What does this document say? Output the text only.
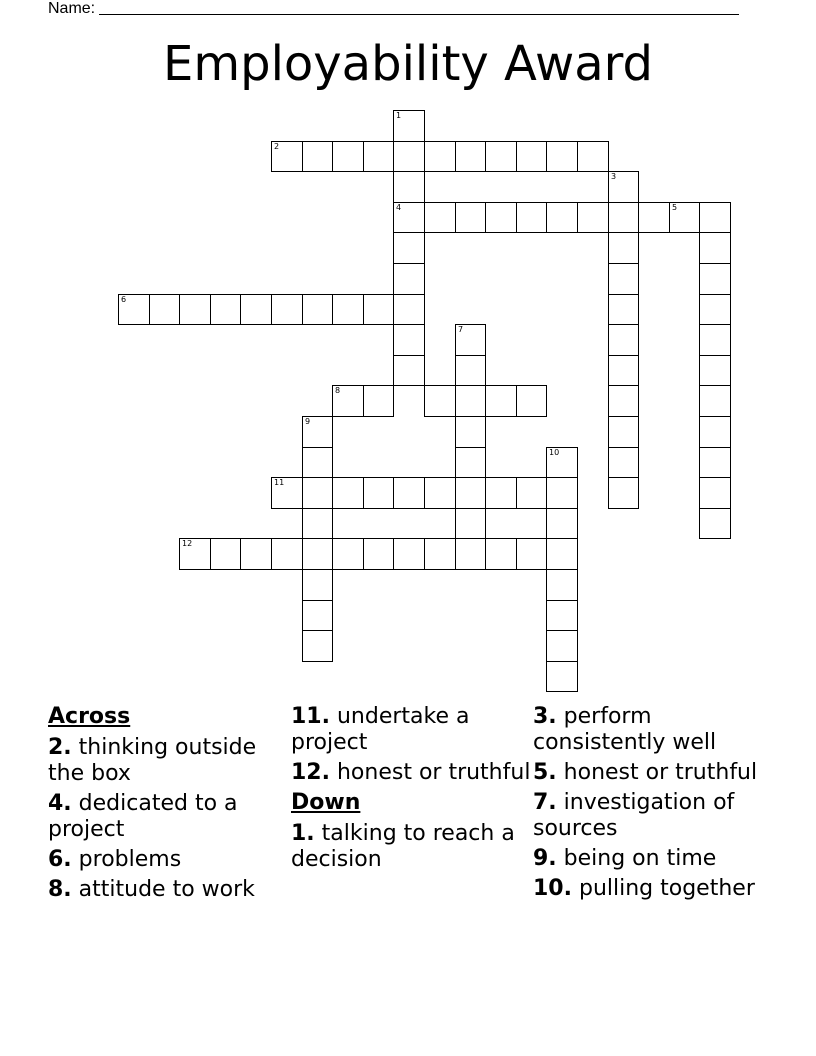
Name:
Employability Award
1
4
2
5
3
6
7
8
9
11
10
12
Across
2. thinking outside the box
4. dedicated to a project
6. problems
8. attitude to work
11. undertake a project
12. honest or truthful
Down
1. talking to reach a decision
3. perform consistently well
5. honest or truthful
7. investigation of sources
9. being on time
10. pulling together
